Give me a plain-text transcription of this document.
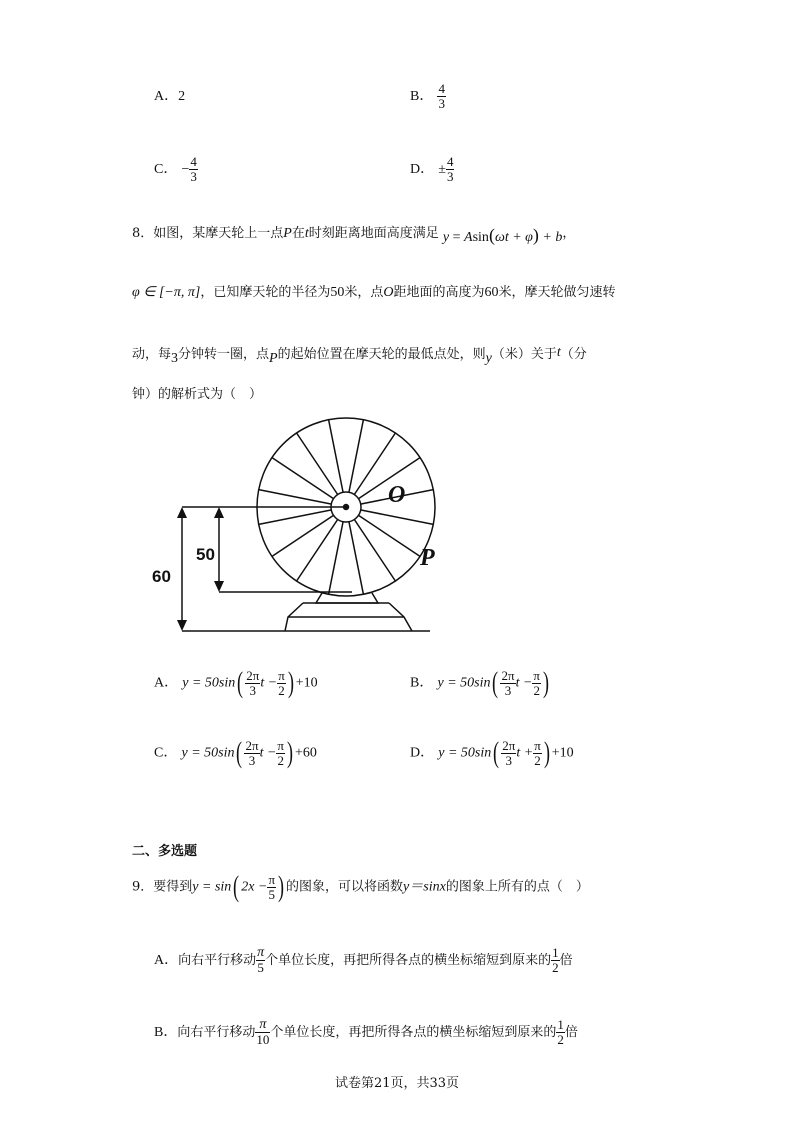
A．2	B． $\frac{4}{3}$
C． − $\frac{4}{3}$	D． ± $\frac{4}{3}$
8．如图，某摩天轮上一点P在t时刻距离地面高度满足 y = Asin(ωt + φ) + b，
φ ∈ [−π, π]，已知摩天轮的半径为50米，点O距地面的高度为60米，摩天轮做匀速转
动，每3分钟转一圈，点P的起始位置在摩天轮的最低点处，则y（米）关于t（分
钟）的解析式为（　）
O
P
50
60
A． $y = 50\sin( \frac{2\pi}{3}$ $t - \frac{\pi}{2}$ ) +10	B． $y = 50\sin( \frac{2\pi}{3}$ $t - \frac{\pi}{2}$ )
C． $y = 50\sin( \frac{2\pi}{3}$ $t - \frac{\pi}{2}$ ) +60	D． $y = 50\sin( \frac{2\pi}{3}$ $t + \frac{\pi}{2}$ ) +10
二、多选题
9．要得到y = sin( $2x - \frac{\pi}{5}$ ) 的图象，可以将函数y＝sinx的图象上所有的点（　）
A．向右平行移动 $\frac{\pi}{5}$ 个单位长度，再把所得各点的横坐标缩短到原来的 $\frac{1}{2}$ 倍
B．向右平行移动 $\frac{\pi}{10}$ 个单位长度，再把所得各点的横坐标缩短到原来的 $\frac{1}{2}$ 倍
试卷第21页，共33页
